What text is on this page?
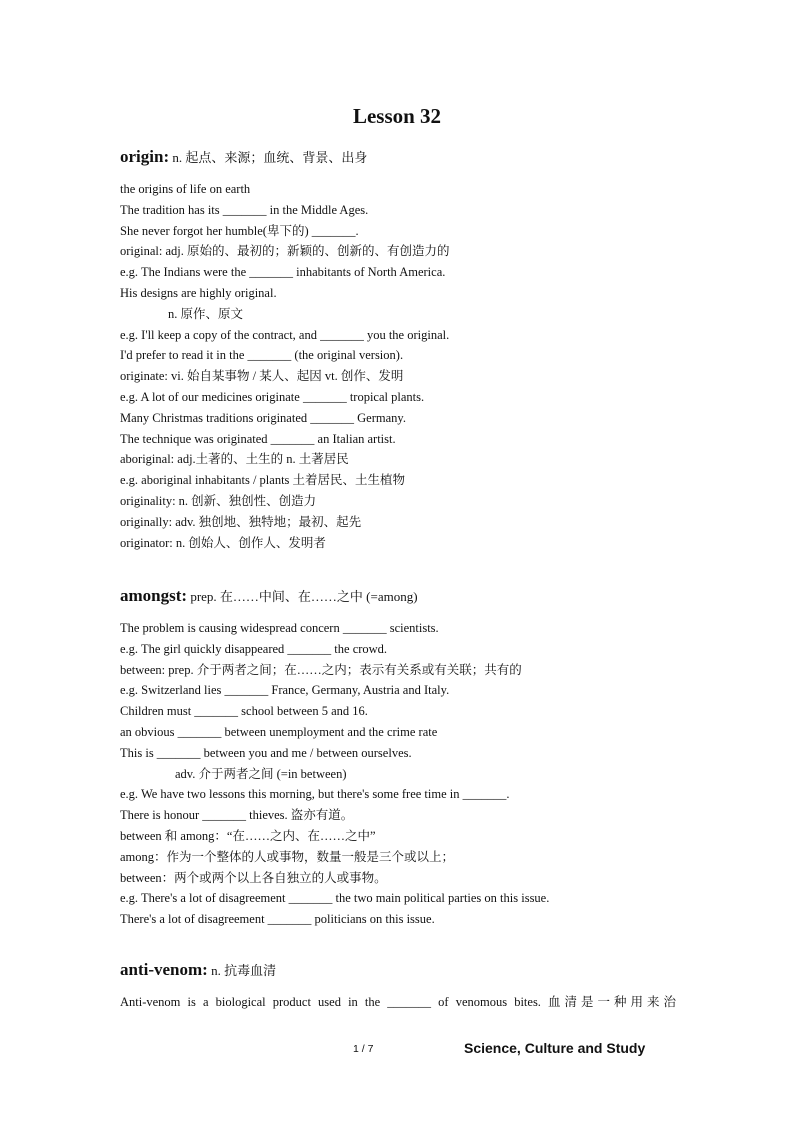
Lesson 32

origin: n. 起点、来源；血统、背景、出身

the origins of life on earth
The tradition has its _______ in the Middle Ages.
She never forgot her humble(卑下的) _______.
original: adj. 原始的、最初的；新颖的、创新的、有创造力的
e.g. The Indians were the _______ inhabitants of North America.
His designs are highly original.
n. 原作、原文
e.g. I'll keep a copy of the contract, and _______ you the original.
I'd prefer to read it in the _______ (the original version).
originate: vi. 始自某事物 / 某人、起因 vt. 创作、发明
e.g. A lot of our medicines originate _______ tropical plants.
Many Christmas traditions originated _______ Germany.
The technique was originated _______ an Italian artist.
aboriginal: adj.土著的、土生的 n. 土著居民
e.g. aboriginal inhabitants / plants 土着居民、土生植物
originality: n. 创新、独创性、创造力
originally: adv. 独创地、独特地；最初、起先
originator: n. 创始人、创作人、发明者

amongst: prep. 在……中间、在……之中 (=among)

The problem is causing widespread concern _______ scientists.
e.g. The girl quickly disappeared _______ the crowd.
between: prep. 介于两者之间；在……之内；表示有关系或有关联；共有的
e.g. Switzerland lies _______ France, Germany, Austria and Italy.
Children must _______ school between 5 and 16.
an obvious _______ between unemployment and the crime rate
This is _______ between you and me / between ourselves.
adv. 介于两者之间 (=in between)
e.g. We have two lessons this morning, but there's some free time in _______.
There is honour _______ thieves. 盗亦有道。
between 和 among：“在……之内、在……之中”
among：作为一个整体的人或事物，数量一般是三个或以上；
between：两个或两个以上各自独立的人或事物。
e.g. There's a lot of disagreement _______ the two main political parties on this issue.
There's a lot of disagreement _______ politicians on this issue.

anti-venom: n. 抗毒血清

Anti-venom is a biological product used in the _______ of venomous bites. 血清是一种用来治
1 / 7	Science, Culture and Study
